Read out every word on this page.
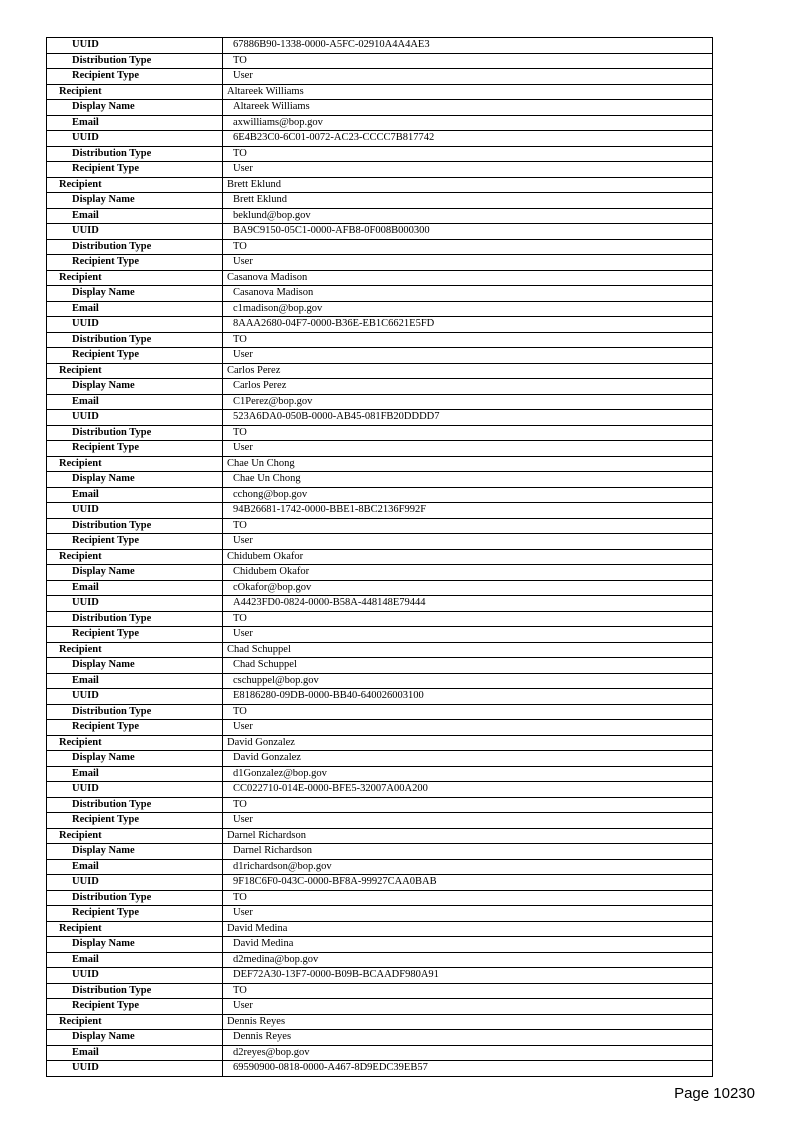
UUID	67886B90-1338-0000-A5FC-02910A4A4AE3
Distribution Type	TO
Recipient Type	User
Recipient	Altareek Williams
Display Name	Altareek Williams
Email	axwilliams@bop.gov
UUID	6E4B23C0-6C01-0072-AC23-CCCC7B817742
Distribution Type	TO
Recipient Type	User
Recipient	Brett Eklund
Display Name	Brett Eklund
Email	beklund@bop.gov
UUID	BA9C9150-05C1-0000-AFB8-0F008B000300
Distribution Type	TO
Recipient Type	User
Recipient	Casanova Madison
Display Name	Casanova Madison
Email	c1madison@bop.gov
UUID	8AAA2680-04F7-0000-B36E-EB1C6621E5FD
Distribution Type	TO
Recipient Type	User
Recipient	Carlos Perez
Display Name	Carlos Perez
Email	C1Perez@bop.gov
UUID	523A6DA0-050B-0000-AB45-081FB20DDDD7
Distribution Type	TO
Recipient Type	User
Recipient	Chae Un Chong
Display Name	Chae Un Chong
Email	cchong@bop.gov
UUID	94B26681-1742-0000-BBE1-8BC2136F992F
Distribution Type	TO
Recipient Type	User
Recipient	Chidubem Okafor
Display Name	Chidubem Okafor
Email	cOkafor@bop.gov
UUID	A4423FD0-0824-0000-B58A-448148E79444
Distribution Type	TO
Recipient Type	User
Recipient	Chad Schuppel
Display Name	Chad Schuppel
Email	cschuppel@bop.gov
UUID	E8186280-09DB-0000-BB40-640026003100
Distribution Type	TO
Recipient Type	User
Recipient	David Gonzalez
Display Name	David Gonzalez
Email	d1Gonzalez@bop.gov
UUID	CC022710-014E-0000-BFE5-32007A00A200
Distribution Type	TO
Recipient Type	User
Recipient	Darnel Richardson
Display Name	Darnel Richardson
Email	d1richardson@bop.gov
UUID	9F18C6F0-043C-0000-BF8A-99927CAA0BAB
Distribution Type	TO
Recipient Type	User
Recipient	David Medina
Display Name	David Medina
Email	d2medina@bop.gov
UUID	DEF72A30-13F7-0000-B09B-BCAADF980A91
Distribution Type	TO
Recipient Type	User
Recipient	Dennis Reyes
Display Name	Dennis Reyes
Email	d2reyes@bop.gov
UUID	69590900-0818-0000-A467-8D9EDC39EB57
Page 10230
